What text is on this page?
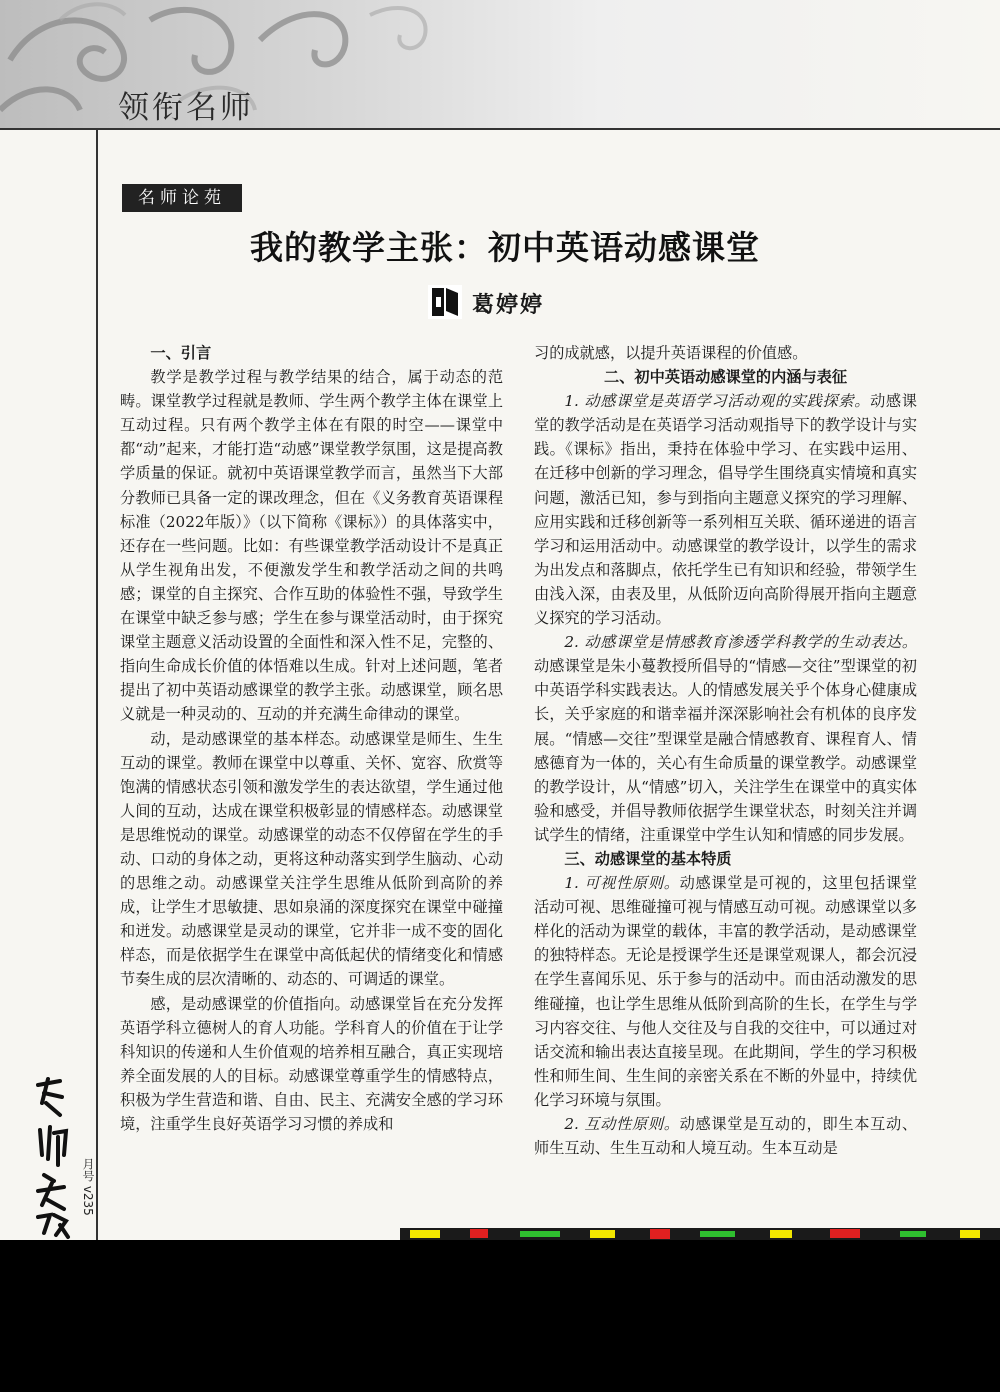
领衔名师
名师论苑
我的教学主张：初中英语动感课堂
葛婷婷
一、引言

教学是教学过程与教学结果的结合，属于动态的范畴。课堂教学过程就是教师、学生两个教学主体在课堂上互动过程。只有两个教学主体在有限的时空——课堂中都“动”起来，才能打造“动感”课堂教学氛围，这是提高教学质量的保证。就初中英语课堂教学而言，虽然当下大部分教师已具备一定的课改理念，但在《义务教育英语课程标准（2022年版）》（以下简称《课标》）的具体落实中，还存在一些问题。比如：有些课堂教学活动设计不是真正从学生视角出发，不便激发学生和教学活动之间的共鸣感；课堂的自主探究、合作互助的体验性不强，导致学生在课堂中缺乏参与感；学生在参与课堂活动时，由于探究课堂主题意义活动设置的全面性和深入性不足，完整的、指向生命成长价值的体悟难以生成。针对上述问题，笔者提出了初中英语动感课堂的教学主张。动感课堂，顾名思义就是一种灵动的、互动的并充满生命律动的课堂。

动，是动感课堂的基本样态。动感课堂是师生、生生互动的课堂。教师在课堂中以尊重、关怀、宽容、欣赏等饱满的情感状态引领和激发学生的表达欲望，学生通过他人间的互动，达成在课堂积极彰显的情感样态。动感课堂是思维悦动的课堂。动感课堂的动态不仅停留在学生的手动、口动的身体之动，更将这种动落实到学生脑动、心动的思维之动。动感课堂关注学生思维从低阶到高阶的养成，让学生才思敏捷、思如泉涌的深度探究在课堂中碰撞和迸发。动感课堂是灵动的课堂，它并非一成不变的固化样态，而是依据学生在课堂中高低起伏的情绪变化和情感节奏生成的层次清晰的、动态的、可调适的课堂。

感，是动感课堂的价值指向。动感课堂旨在充分发挥英语学科立德树人的育人功能。学科育人的价值在于让学科知识的传递和人生价值观的培养相互融合，真正实现培养全面发展的人的目标。动感课堂尊重学生的情感特点，积极为学生营造和谐、自由、民主、充满安全感的学习环境，注重学生良好英语学习习惯的养成和

习的成就感，以提升英语课程的价值感。

二、初中英语动感课堂的内涵与表征

1. 动感课堂是英语学习活动观的实践探索。动感课堂的教学活动是在英语学习活动观指导下的教学设计与实践。《课标》指出，秉持在体验中学习、在实践中运用、在迁移中创新的学习理念，倡导学生围绕真实情境和真实问题，激活已知，参与到指向主题意义探究的学习理解、应用实践和迁移创新等一系列相互关联、循环递进的语言学习和运用活动中。动感课堂的教学设计，以学生的需求为出发点和落脚点，依托学生已有知识和经验，带领学生由浅入深，由表及里，从低阶迈向高阶得展开指向主题意义探究的学习活动。

2. 动感课堂是情感教育渗透学科教学的生动表达。动感课堂是朱小蔓教授所倡导的“情感—交往”型课堂的初中英语学科实践表达。人的情感发展关乎个体身心健康成长，关乎家庭的和谐幸福并深深影响社会有机体的良序发展。“情感—交往”型课堂是融合情感教育、课程育人、情感德育为一体的，关心有生命质量的课堂教学。动感课堂的教学设计，从“情感”切入，关注学生在课堂中的真实体验和感受，并倡导教师依据学生课堂状态，时刻关注并调试学生的情绪，注重课堂中学生认知和情感的同步发展。

三、动感课堂的基本特质

1. 可视性原则。动感课堂是可视的，这里包括课堂活动可视、思维碰撞可视与情感互动可视。动感课堂以多样化的活动为课堂的载体，丰富的教学活动，是动感课堂的独特样态。无论是授课学生还是课堂观课人，都会沉浸在学生喜闻乐见、乐于参与的活动中。而由活动激发的思维碰撞，也让学生思维从低阶到高阶的生长，在学生与学习内容交往、与他人交往及与自我的交往中，可以通过对话交流和输出表达直接呈现。在此期间，学生的学习积极性和师生间、生生间的亲密关系在不断的外显中，持续优化学习环境与氛围。

2. 互动性原则。动感课堂是互动的，即生本互动、师生互动、生生互动和人境互动。生本互动是

月号 v235
